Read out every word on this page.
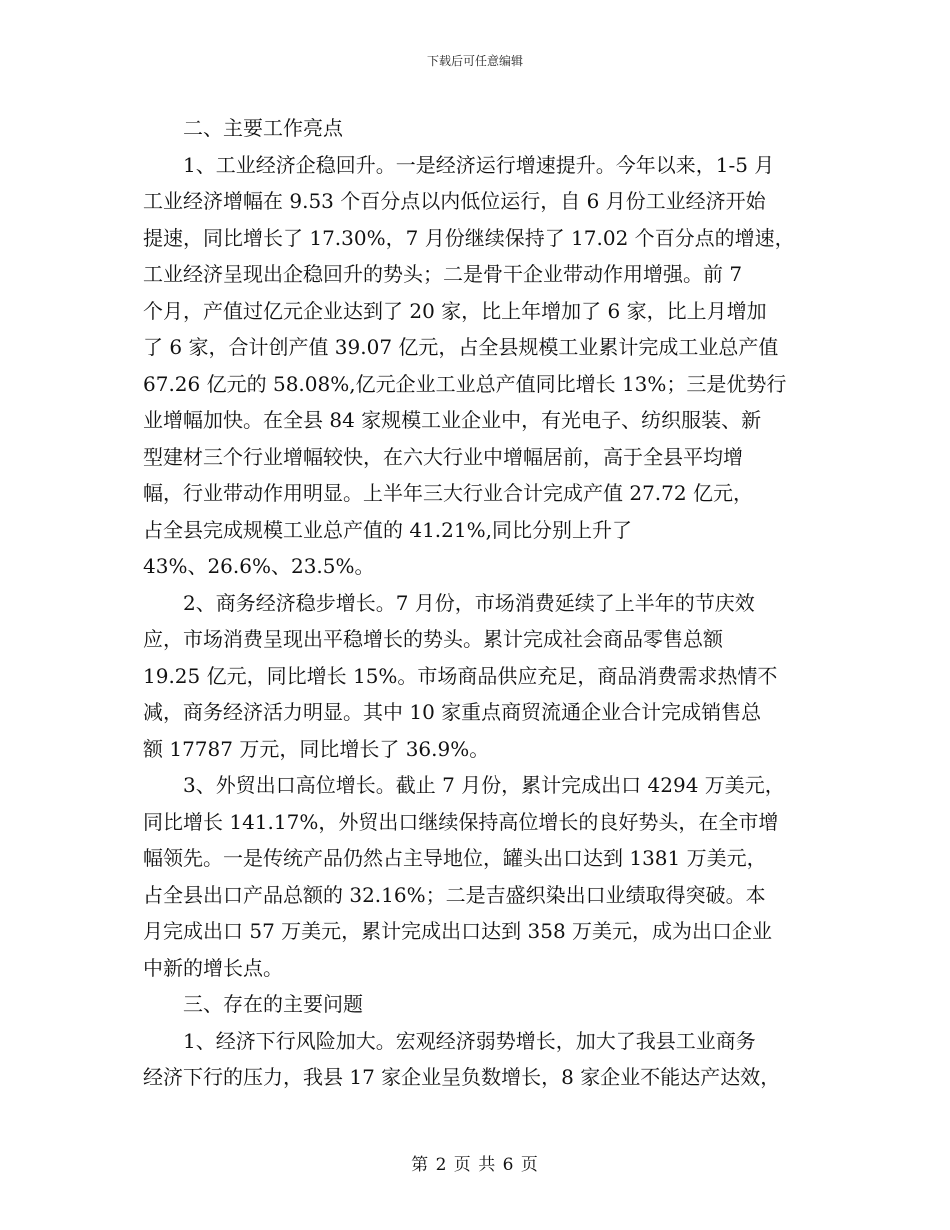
下载后可任意编辑

二、主要工作亮点

1、工业经济企稳回升。一是经济运行增速提升。今年以来，1-5 月

工业经济增幅在 9.53 个百分点以内低位运行，自 6 月份工业经济开始

提速，同比增长了 17.30%，7 月份继续保持了 17.02 个百分点的增速，

工业经济呈现出企稳回升的势头；二是骨干企业带动作用增强。前 7

个月，产值过亿元企业达到了 20 家，比上年增加了 6 家，比上月增加

了 6 家，合计创产值 39.07 亿元，占全县规模工业累计完成工业总产值

67.26 亿元的 58.08%,亿元企业工业总产值同比增长 13%；三是优势行

业增幅加快。在全县 84 家规模工业企业中，有光电子、纺织服装、新

型建材三个行业增幅较快，在六大行业中增幅居前，高于全县平均增

幅，行业带动作用明显。上半年三大行业合计完成产值 27.72 亿元，

占全县完成规模工业总产值的 41.21%,同比分别上升了

43%、26.6%、23.5%。

2、商务经济稳步增长。7 月份，市场消费延续了上半年的节庆效

应，市场消费呈现出平稳增长的势头。累计完成社会商品零售总额

19.25 亿元，同比增长 15%。市场商品供应充足，商品消费需求热情不

减，商务经济活力明显。其中 10 家重点商贸流通企业合计完成销售总

额 17787 万元，同比增长了 36.9%。

3、外贸出口高位增长。截止 7 月份，累计完成出口 4294 万美元，

同比增长 141.17%，外贸出口继续保持高位增长的良好势头，在全市增

幅领先。一是传统产品仍然占主导地位，罐头出口达到 1381 万美元，

占全县出口产品总额的 32.16%；二是吉盛织染出口业绩取得突破。本

月完成出口 57 万美元，累计完成出口达到 358 万美元，成为出口企业

中新的增长点。

三、存在的主要问题

1、经济下行风险加大。宏观经济弱势增长，加大了我县工业商务

经济下行的压力，我县 17 家企业呈负数增长，8 家企业不能达产达效，

第 2 页 共 6 页
